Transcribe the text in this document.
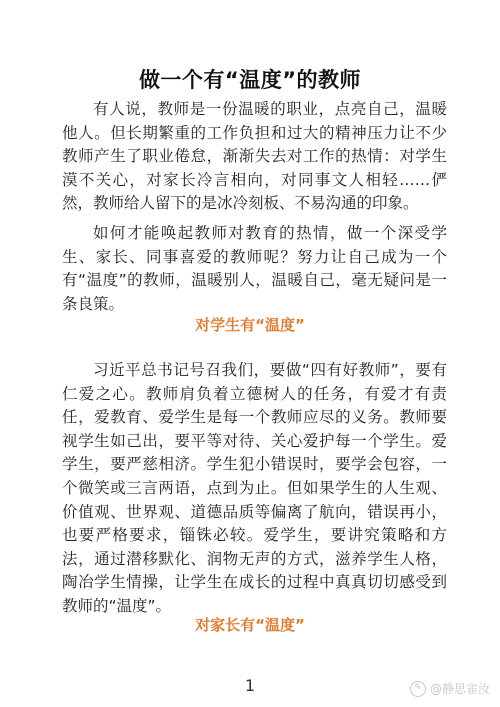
做一个有“温度”的教师

有人说，教师是一份温暖的职业，点亮自己，温暖他人。但长期繁重的工作负担和过大的精神压力让不少教师产生了职业倦怠，渐渐失去对工作的热情：对学生漠不关心，对家长冷言相向，对同事文人相轻……俨然，教师给人留下的是冰冷刻板、不易沟通的印象。

如何才能唤起教师对教育的热情，做一个深受学生、家长、同事喜爱的教师呢？努力让自己成为一个有“温度”的教师，温暖别人，温暖自己，毫无疑问是一条良策。

对学生有“温度”

习近平总书记号召我们，要做“四有好教师”，要有仁爱之心。教师肩负着立德树人的任务，有爱才有责任，爱教育、爱学生是每一个教师应尽的义务。教师要视学生如己出，要平等对待、关心爱护每一个学生。爱学生，要严慈相济。学生犯小错误时，要学会包容，一个微笑或三言两语，点到为止。但如果学生的人生观、价值观、世界观、道德品质等偏离了航向，错误再小，也要严格要求，锱铢必较。爱学生，要讲究策略和方法，通过潜移默化、润物无声的方式，滋养学生人格，陶冶学生情操，让学生在成长的过程中真真切切感受到教师的“温度”。

对家长有“温度”
1	✎ @静思雀汝
